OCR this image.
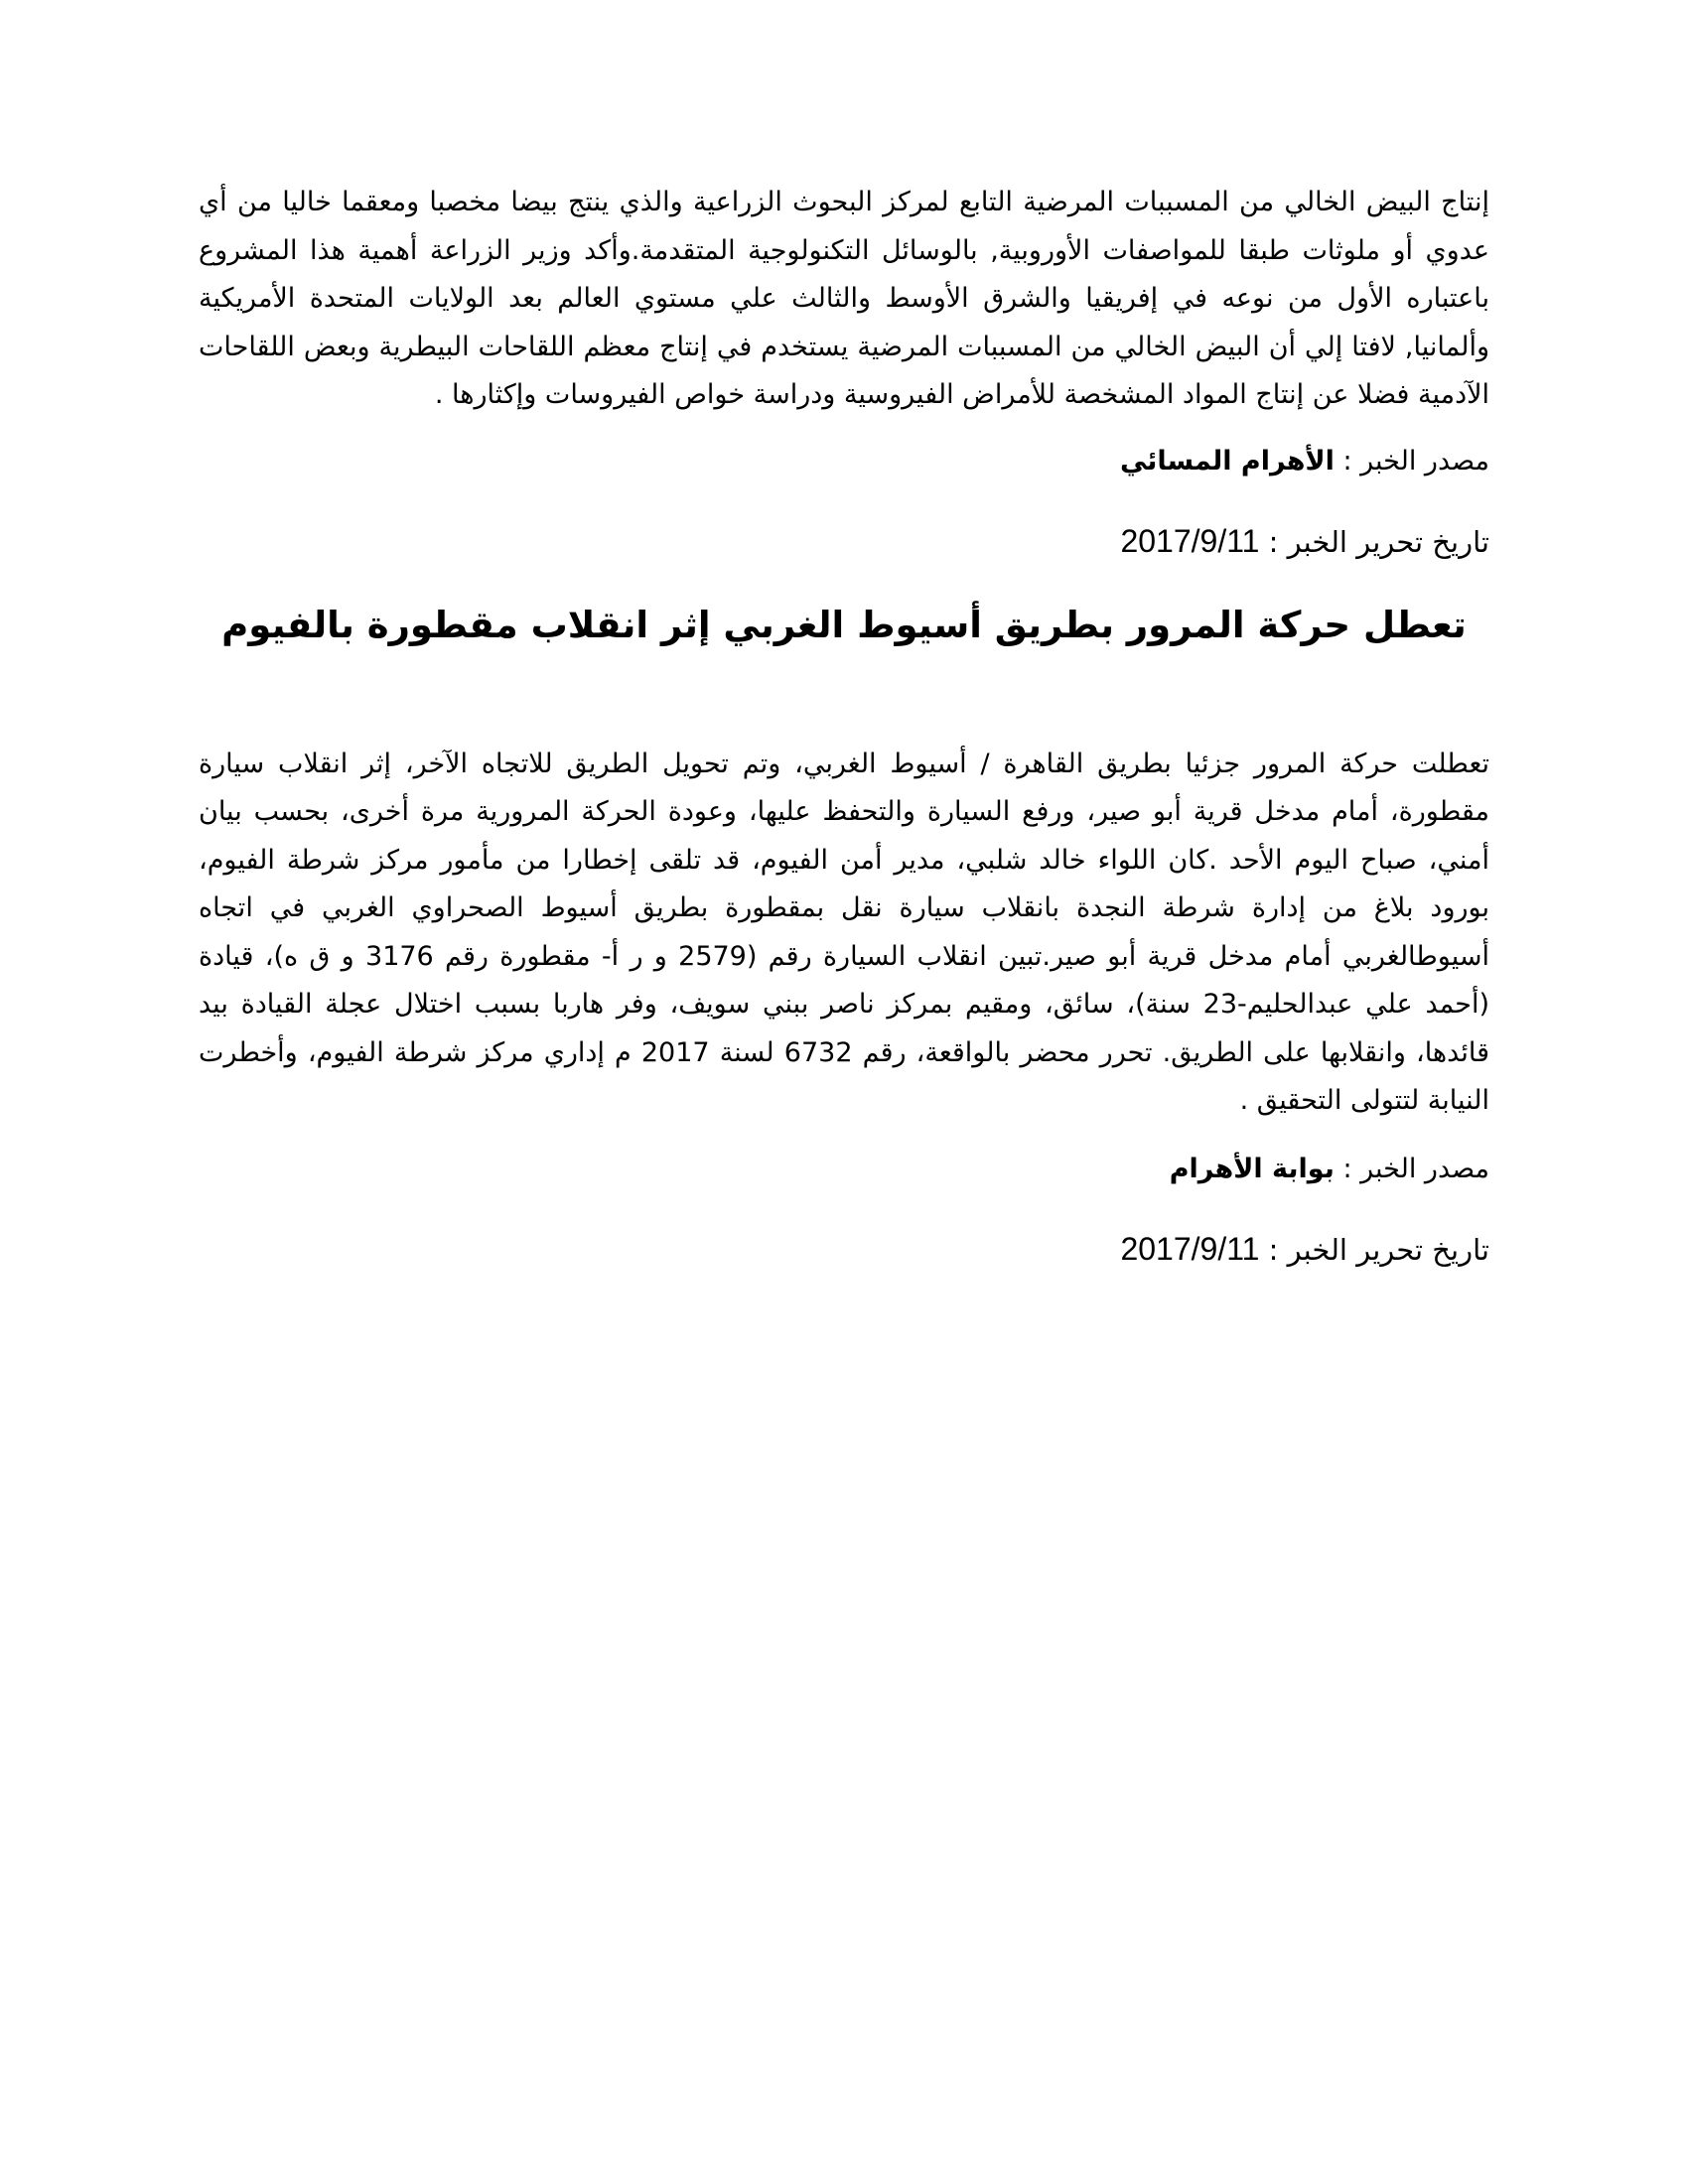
إنتاج البيض الخالي من المسببات المرضية التابع لمركز البحوث الزراعية والذي ينتج بيضا مخصبا ومعقما خاليا من أي عدوي أو ملوثات طبقا للمواصفات الأوروبية, بالوسائل التكنولوجية المتقدمة.وأكد وزير الزراعة أهمية هذا المشروع باعتباره الأول من نوعه في إفريقيا والشرق الأوسط والثالث علي مستوي العالم بعد الولايات المتحدة الأمريكية وألمانيا, لافتا إلي أن البيض الخالي من المسببات المرضية يستخدم في إنتاج معظم اللقاحات البيطرية وبعض اللقاحات الآدمية فضلا عن إنتاج المواد المشخصة للأمراض الفيروسية ودراسة خواص الفيروسات وإكثارها .

مصدر الخبر : الأهرام المسائي

تاريخ تحرير الخبر : 2017/9/11

تعطل حركة المرور بطريق أسيوط الغربي إثر انقلاب مقطورة بالفيوم

تعطلت حركة المرور جزئيا بطريق القاهرة / أسيوط الغربي، وتم تحويل الطريق للاتجاه الآخر، إثر انقلاب سيارة مقطورة، أمام مدخل قرية أبو صير، ورفع السيارة والتحفظ عليها، وعودة الحركة المرورية مرة أخرى، بحسب بيان أمني، صباح اليوم الأحد .كان اللواء خالد شلبي، مدير أمن الفيوم، قد تلقى إخطارا من مأمور مركز شرطة الفيوم، بورود بلاغ من إدارة شرطة النجدة بانقلاب سيارة نقل بمقطورة بطريق أسيوط الصحراوي الغربي في اتجاه أسيوطالغربي أمام مدخل قرية أبو صير.تبين انقلاب السيارة رقم (2579 و ر أ- مقطورة رقم 3176 و ق ه)، قيادة (أحمد علي عبدالحليم-23 سنة)، سائق، ومقيم بمركز ناصر ببني سويف، وفر هاربا بسبب اختلال عجلة القيادة بيد قائدها، وانقلابها على الطريق. تحرر محضر بالواقعة، رقم 6732 لسنة 2017 م إداري مركز شرطة الفيوم، وأخطرت النيابة لتتولى التحقيق .

مصدر الخبر : بوابة الأهرام

تاريخ تحرير الخبر : 2017/9/11
